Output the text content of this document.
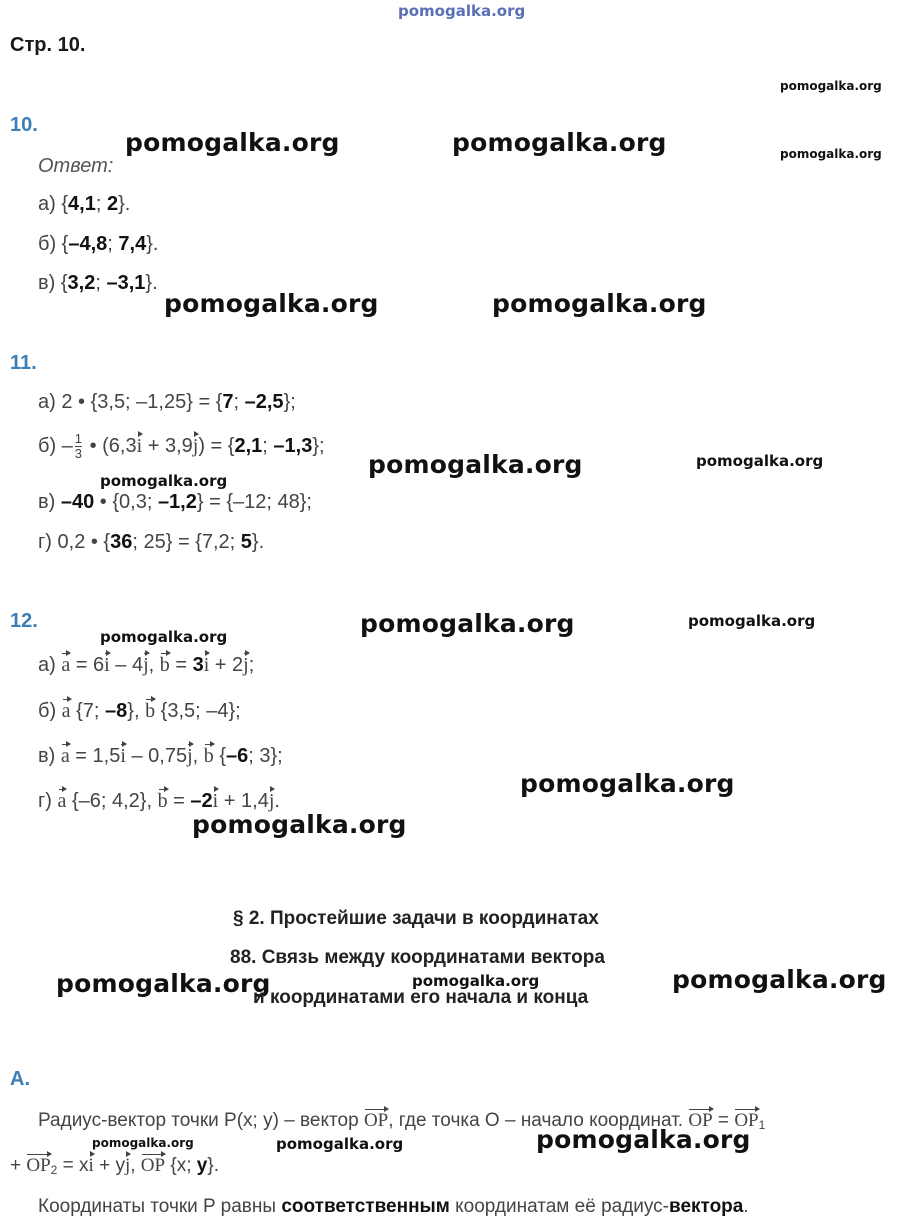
pomogalka.org
Стр. 10.
pomogalka.org
pomogalka.org
pomogalka.org	pomogalka.org
pomogalka.org	pomogalka.org
pomogalka.org	pomogalka.org
pomogalka.org
pomogalka.org	pomogalka.org
pomogalka.org
pomogalka.org
pomogalka.org
pomogalka.org	pomogalka.org	pomogalka.org
pomogalka.org	pomogalka.org	pomogalka.org
10.
Ответ:
а) {4,1; 2}.
б) {–4,8; 7,4}.
в) {3,2; –3,1}.
11.
а) 2 • {3,5; –1,25} = {7; –2,5};
$б) - \frac{1}{3}$ • (6,3i + 3,9j) = {2,1; –1,3};
в) –40 • {0,3; –1,2} = {–12; 48};
г) 0,2 • {36; 25} = {7,2; 5}.
12.
а) a = 6i – 4j, b = 3i + 2j;
б) a {7; –8}, b {3,5; –4};
в) a = 1,5i – 0,75j, b {–6; 3};
г) a {–6; 4,2}, b = –2i + 1,4j.
§ 2. Простейшие задачи в координатах
88. Связь между координатами вектора
и координатами его начала и конца
A.
Радиус-вектор точки P(x; y) – вектор OP, где точка O – начало координат. OP = $OP_1$
+ $OP_2$ = xi + yj, OP {x; y}.
Координаты точки P равны соответственным координатам её радиус-вектора.
